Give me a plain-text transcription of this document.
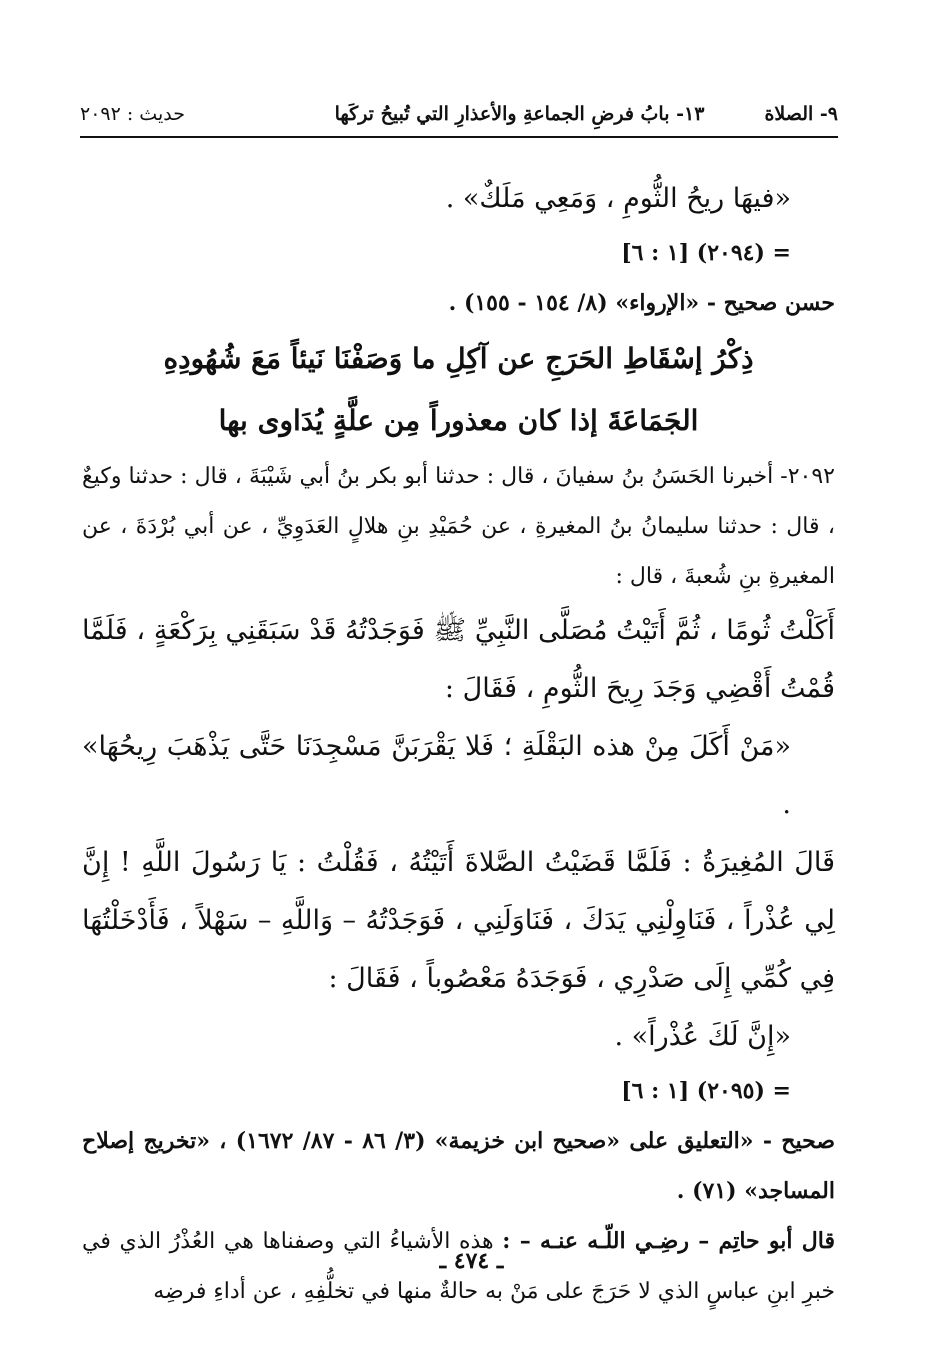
٩- الصلاة
١٣- بابُ فرضِ الجماعةِ والأعذارِ التي تُبيحُ تركَها
حديث : ٢٠٩٢

«فيهَا ريحُ الثُّومِ ، وَمَعِي مَلَكٌ» .

= (٢٠٩٤) [١ : ٦]

حسن صحيح - «الإرواء» (٨/ ١٥٤ - ١٥٥) .

ذِكْرُ إسْقَاطِ الحَرَجِ عن آكِلِ ما وَصَفْنَا نَيئاً مَعَ شُهُودِهِ

الجَمَاعَةَ إذا كان معذوراً مِن علَّةٍ يُدَاوى بها

٢٠٩٢- أخبرنا الحَسَنُ بنُ سفيانَ ، قال : حدثنا أبو بكر بنُ أبي شَيْبَةَ ، قال : حدثنا وكيعٌ ، قال : حدثنا سليمانُ بنُ المغيرةِ ، عن حُمَيْدِ بنِ هلالٍ العَدَوِيِّ ، عن أبي بُرْدَةَ ، عن المغيرةِ بنِ شُعبةَ ، قال :

أَكَلْتُ ثُومًا ، ثُمَّ أَتَيْتُ مُصَلَّى النَّبِيِّ ﷺ فَوَجَدْتُهُ قَدْ سَبَقَنِي بِرَكْعَةٍ ، فَلَمَّا قُمْتُ أَقْضِي وَجَدَ رِيحَ الثُّومِ ، فَقَالَ :

«مَنْ أَكَلَ مِنْ هذه البَقْلَةِ ؛ فَلا يَقْرَبَنَّ مَسْجِدَنَا حَتَّى يَذْهَبَ رِيحُهَا» .

قَالَ المُغِيرَةُ : فَلَمَّا قَضَيْتُ الصَّلاةَ أَتَيْتُهُ ، فَقُلْتُ : يَا رَسُولَ اللَّهِ ! إِنَّ لِي عُذْراً ، فَنَاوِلْنِي يَدَكَ ، فَنَاوَلَنِي ، فَوَجَدْتُهُ – وَاللَّهِ – سَهْلاً ، فَأَدْخَلْتُهَا فِي كُمِّي إِلَى صَدْرِي ، فَوَجَدَهُ مَعْصُوباً ، فَقَالَ :

«إِنَّ لَكَ عُذْراً» .

= (٢٠٩٥) [١ : ٦]

صحيح - «التعليق على «صحيح ابن خزيمة» (٣/ ٨٦ - ٨٧/ ١٦٧٢) ، «تخريج إصلاح المساجد» (٧١) .

قال أبو حاتِم – رضِـي اللّـه عنـه – : هذه الأشياءُ التي وصفناها هي العُذْرُ الذي في خبرِ ابنِ عباسٍ الذي لا حَرَجَ على مَنْ به حالةٌ منها في تخلُّفِهِ ، عن أداءِ فرضِه

ـ ٤٧٤ ـ
